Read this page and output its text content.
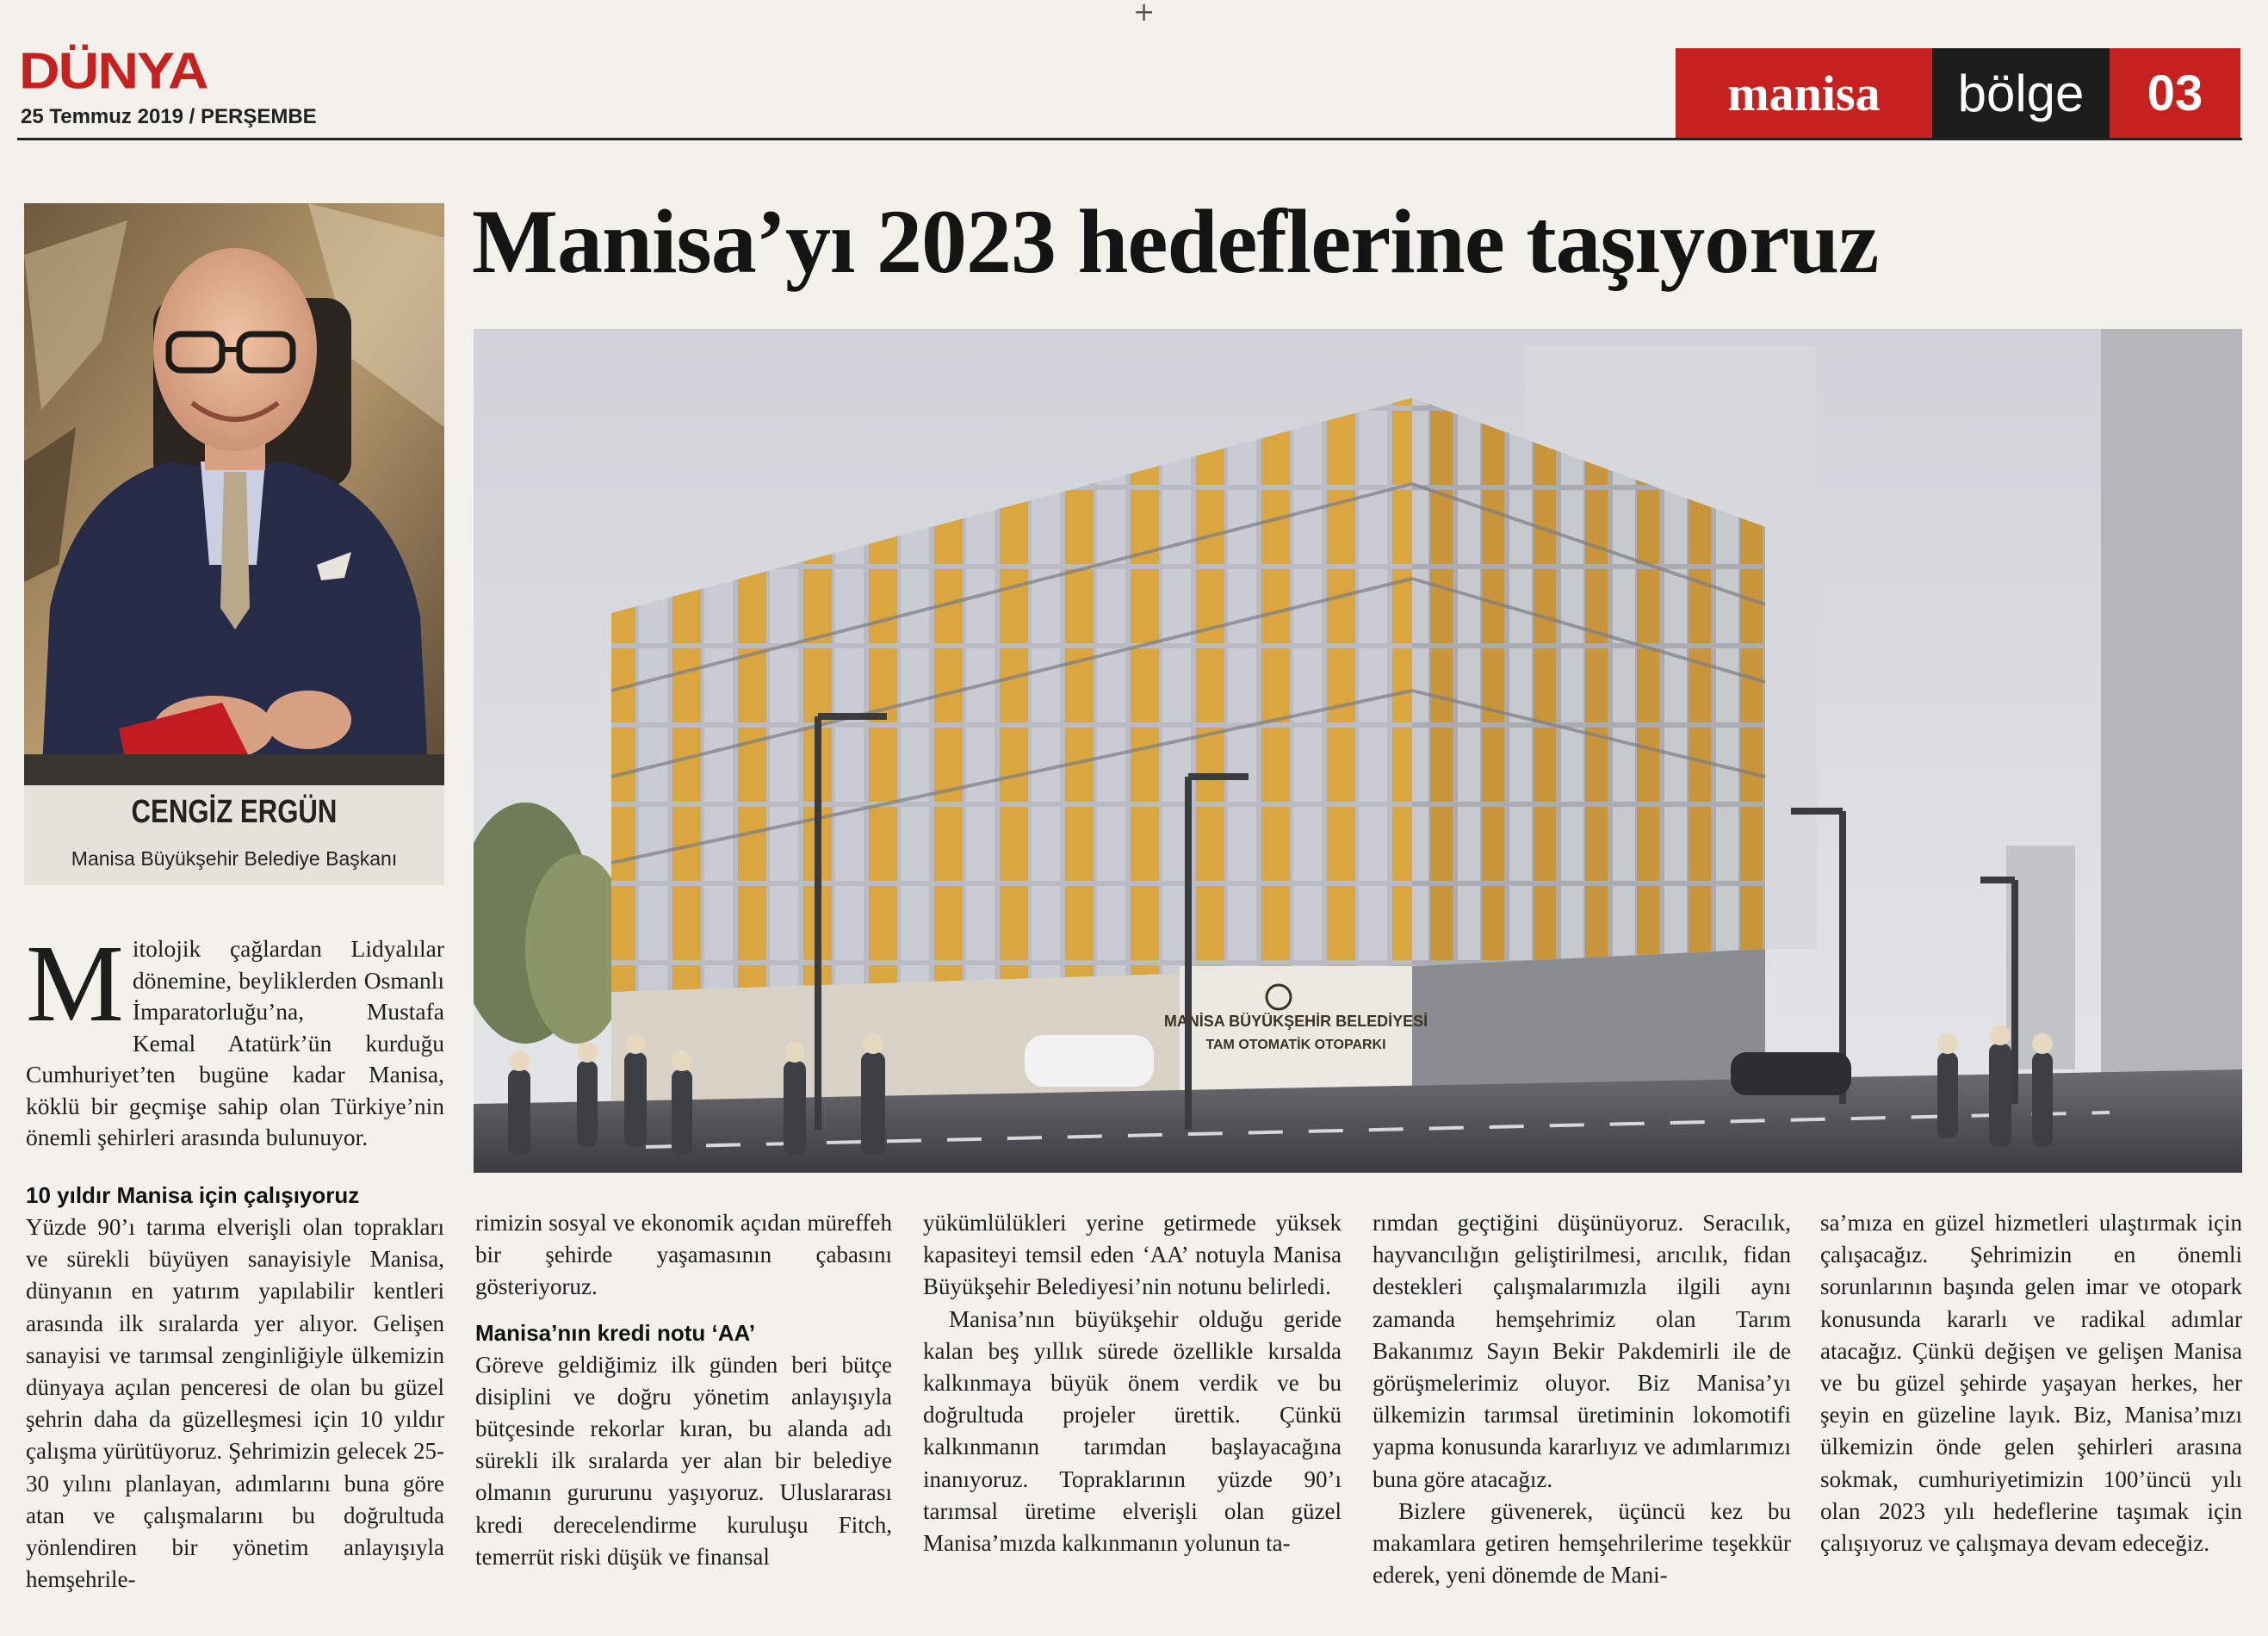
+
DÜNYA
25 Temmuz 2019 / PERŞEMBE	manisa	bölge	03
CENGİZ ERGÜN
Manisa Büyükşehir Belediye Başkanı
Manisa’yı 2023 hedeflerine taşıyoruz
MANİSA BÜYÜKŞEHİR BELEDİYESİ
TAM OTOMATİK OTOPARKI
M itolojik çağlardan Lidyalılar dönemine, beyliklerden Osmanlı İmparatorluğu’na, Mustafa Kemal Atatürk’ün kurduğu Cumhuriyet’ten bugüne kadar Manisa, köklü bir geçmişe sahip olan Türkiye’nin önemli şehirleri arasında bulunuyor.

10 yıldır Manisa için çalışıyoruz

Yüzde 90’ı tarıma elverişli olan toprakları ve sürekli büyüyen sanayisiyle Manisa, dünyanın en yatırım yapılabilir kentleri arasında ilk sıralarda yer alıyor. Gelişen sanayisi ve tarımsal zenginliğiyle ülkemizin dünyaya açılan penceresi de olan bu güzel şehrin daha da güzelleşmesi için 10 yıldır çalışma yürütüyoruz. Şehrimizin gelecek 25-30 yılını planlayan, adımlarını buna göre atan ve çalışmalarını bu doğrultuda yönlendiren bir yönetim anlayışıyla hemşehrile-

rimizin sosyal ve ekonomik açıdan müreffeh bir şehirde yaşamasının çabasını gösteriyoruz.

Manisa’nın kredi notu ‘AA’

Göreve geldiğimiz ilk günden beri bütçe disiplini ve doğru yönetim anlayışıyla bütçesinde rekorlar kıran, bu alanda adı sürekli ilk sıralarda yer alan bir belediye olmanın gururunu yaşıyoruz. Uluslararası kredi derecelendirme kuruluşu Fitch, temerrüt riski düşük ve finansal

yükümlülükleri yerine getirmede yüksek kapasiteyi temsil eden ‘AA’ notuyla Manisa Büyükşehir Belediyesi’nin notunu belirledi.

Manisa’nın büyükşehir olduğu geride kalan beş yıllık sürede özellikle kırsalda kalkınmaya büyük önem verdik ve bu doğrultuda projeler ürettik. Çünkü kalkınmanın tarımdan başlayacağına inanıyoruz. Topraklarının yüzde 90’ı tarımsal üretime elverişli olan güzel Manisa’mızda kalkınmanın yolunun ta-

rımdan geçtiğini düşünüyoruz. Seracılık, hayvancılığın geliştirilmesi, arıcılık, fidan destekleri çalışmalarımızla ilgili aynı zamanda hemşehrimiz olan Tarım Bakanımız Sayın Bekir Pakdemirli ile de görüşmelerimiz oluyor. Biz Manisa’yı ülkemizin tarımsal üretiminin lokomotifi yapma konusunda kararlıyız ve adımlarımızı buna göre atacağız.

Bizlere güvenerek, üçüncü kez bu makamlara getiren hemşehrilerime teşekkür ederek, yeni dönemde de Mani-

sa’mıza en güzel hizmetleri ulaştırmak için çalışacağız. Şehrimizin en önemli sorunlarının başında gelen imar ve otopark konusunda kararlı ve radikal adımlar atacağız. Çünkü değişen ve gelişen Manisa ve bu güzel şehirde yaşayan herkes, her şeyin en güzeline layık. Biz, Manisa’mızı ülkemizin önde gelen şehirleri arasına sokmak, cumhuriyetimizin 100’üncü yılı olan 2023 yılı hedeflerine taşımak için çalışıyoruz ve çalışmaya devam edeceğiz.
